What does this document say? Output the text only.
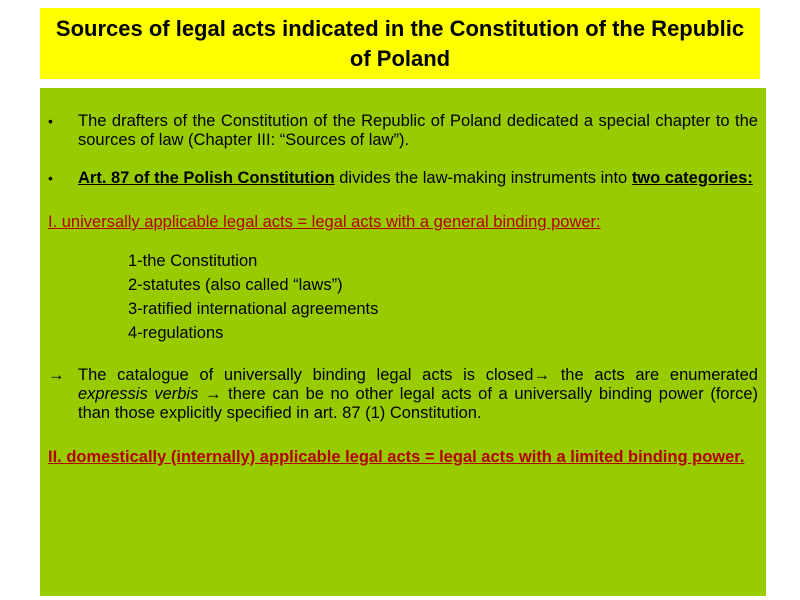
Sources of legal acts indicated in the Constitution of the Republic of Poland
•	The drafters of the Constitution of the Republic of Poland dedicated a special chapter to the sources of law (Chapter III: “Sources of law”).
•	Art. 87 of the Polish Constitution divides the law-making instruments into two categories:
I. universally applicable legal acts = legal acts with a general binding power:
1-the Constitution
2-statutes (also called “laws”)
3-ratified international agreements
4-regulations
→ The catalogue of universally binding legal acts is closed→ the acts are enumerated expressis verbis → there can be no other legal acts of a universally binding power (force) than those explicitly specified in art. 87 (1) Constitution.
II. domestically (internally) applicable legal acts = legal acts with a limited binding power.
